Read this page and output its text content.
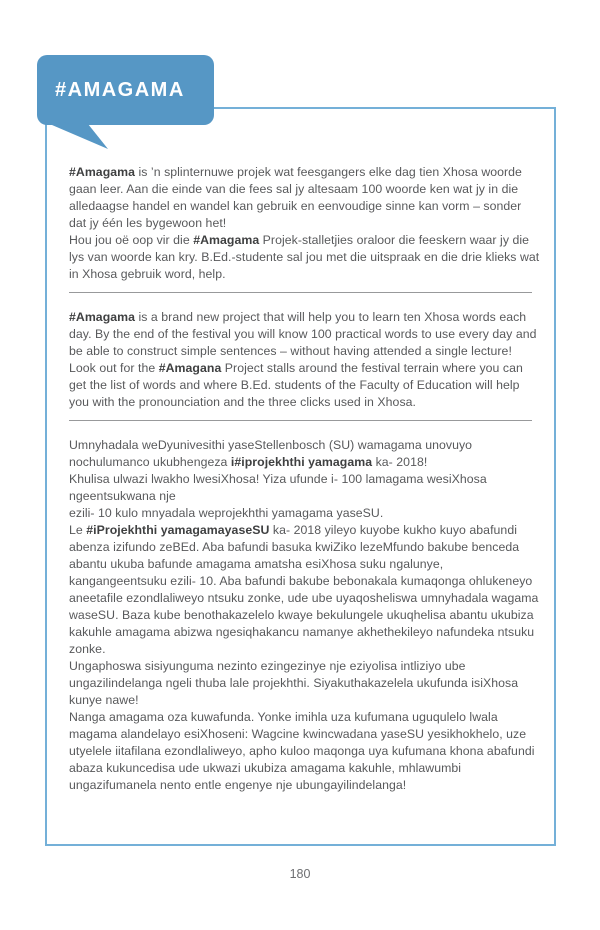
#Amagama is ’n splinternuwe projek wat feesgangers elke dag tien Xhosa woorde gaan leer. Aan die einde van die fees sal jy altesaam 100 woorde ken wat jy in die alledaagse handel en wandel kan gebruik en eenvoudige sinne kan vorm – sonder dat jy één les bygewoon het!

Hou jou oë oop vir die #Amagama Projek-stalletjies oraloor die feeskern waar jy die lys van woorde kan kry. B.Ed.-studente sal jou met die uitspraak en die drie klieks wat in Xhosa gebruik word, help.

#Amagama is a brand new project that will help you to learn ten Xhosa words each day. By the end of the festival you will know 100 practical words to use every day and be able to construct simple sentences – without having attended a single lecture!

Look out for the #Amagana Project stalls around the festival terrain where you can get the list of words and where B.Ed. students of the Faculty of Education will help you with the pronounciation and the three clicks used in Xhosa.

Umnyhadala weDyunivesithi yaseStellenbosch (SU) wamagama unovuyo nochulumanco ukubhengeza i#iprojekhthi yamagama ka- 2018!

Khulisa ulwazi lwakho lwesiXhosa! Yiza ufunde i- 100 lamagama wesiXhosa ngeentsukwana nje

ezili- 10 kulo mnyadala weprojekhthi yamagama yaseSU.

Le #iProjekhthi yamagamayaseSU ka- 2018 yileyo kuyobe kukho kuyo abafundi abenza izifundo zeBEd. Aba bafundi basuka kwiZiko lezeMfundo bakube benceda abantu ukuba bafunde amagama amatsha esiXhosa suku ngalunye, kangangeentsuku ezili- 10. Aba bafundi bakube bebonakala kumaqonga ohlukeneyo aneetafile ezondlaliweyo ntsuku zonke, ude ube uyaqosheliswa umnyhadala wagama waseSU. Baza kube benothakazelelo kwaye bekulungele ukuqhelisa abantu ukubiza kakuhle amagama abizwa ngesiqhakancu namanye akhethekileyo nafundeka ntsuku zonke.

Ungaphoswa sisiyunguma nezinto ezingezinye nje eziyolisa intliziyo ube ungazilindelanga ngeli thuba lale projekhthi. Siyakuthakazelela ukufunda isiXhosa kunye nawe!

Nanga amagama oza kuwafunda. Yonke imihla uza kufumana uguqulelo lwala magama alandelayo esiXhoseni: Wagcine kwincwadana yaseSU yesikhokhelo, uze utyelele iitafilana ezondlaliweyo, apho kuloo maqonga uya kufumana khona abafundi abaza kukuncedisa ude ukwazi ukubiza amagama kakuhle, mhlawumbi ungazifumanela nento entle engenye nje ubungayilindelanga!

#AMAGAMA
180
